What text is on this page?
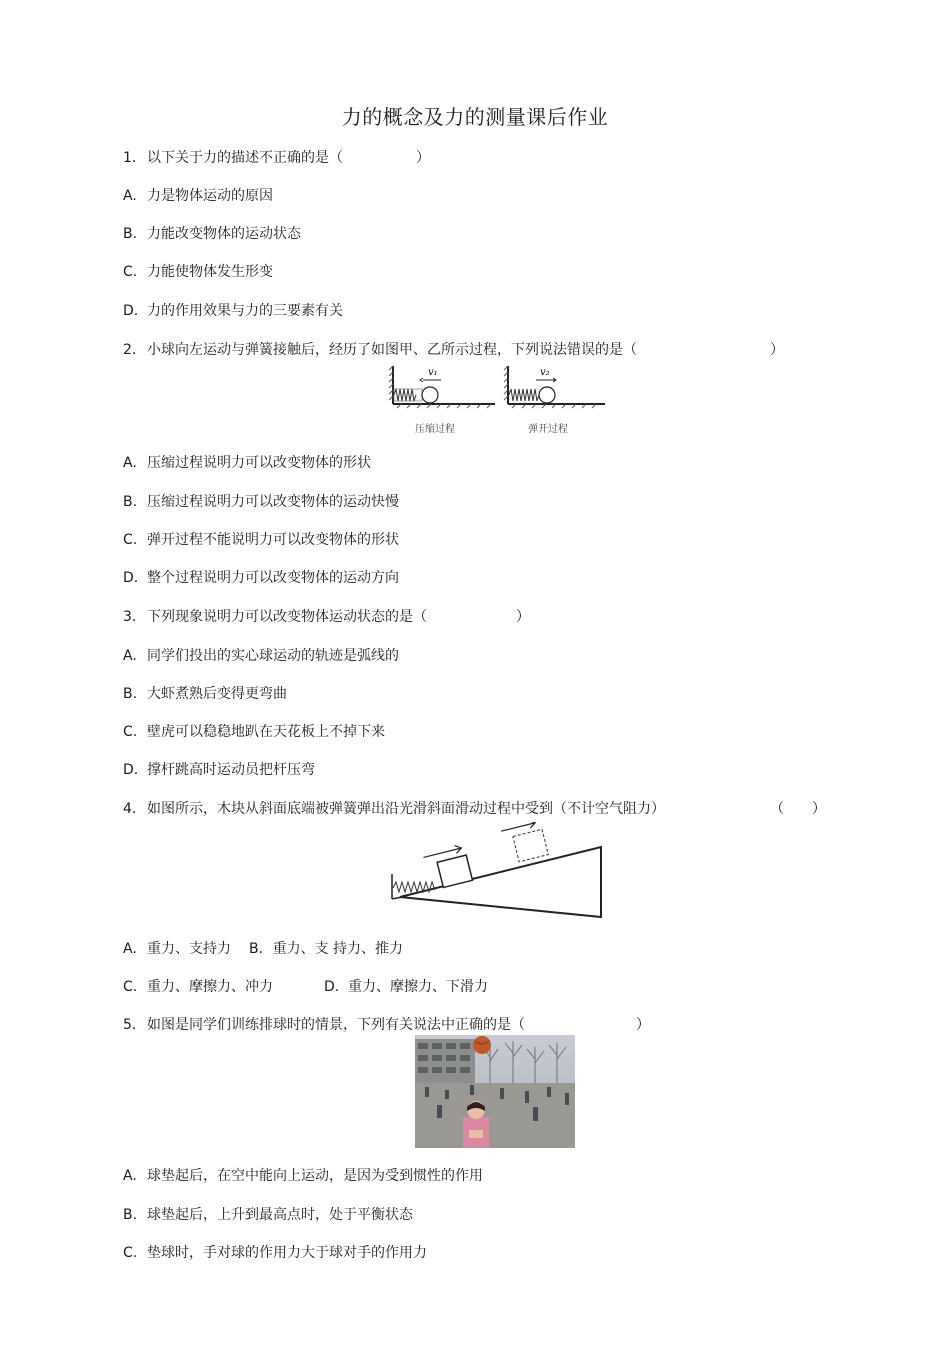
力的概念及力的测量课后作业
1．以下关于力的描述不正确的是（	）
A. 力是物体运动的原因
B. 力能改变物体的运动状态
C. 力能使物体发生形变
D. 力的作用效果与力的三要素有关
2．小球向左运动与弹簧接触后，经历了如图甲、乙所示过程，下列说法错误的是（	）
v₁
压缩过程
v₂
弹开过程
A. 压缩过程说明力可以改变物体的形状
B. 压缩过程说明力可以改变物体的运动快慢
C. 弹开过程不能说明力可以改变物体的形状
D. 整个过程说明力可以改变物体的运动方向
3．下列现象说明力可以改变物体运动状态的是（	）
A. 同学们投出的实心球运动的轨迹是弧线的
B. 大虾煮熟后变得更弯曲
C. 壁虎可以稳稳地趴在天花板上不掉下来
D. 撑杆跳高时运动员把杆压弯
4．如图所示，木块从斜面底端被弹簧弹出沿光滑斜面滑动过程中受到（不计空气阻力）	（　　）
A. 重力、支持力 B．重力、支 持力、推力
C. 重力、摩擦力、冲力	D. 重力、摩擦力、下滑力
5．如图是同学们训练排球时的情景，下列有关说法中正确的是（	）
A. 球垫起后，在空中能向上运动，是因为受到惯性的作用
B. 球垫起后，上升到最高点时，处于平衡状态
C. 垫球时，手对球的作用力大于球对手的作用力
